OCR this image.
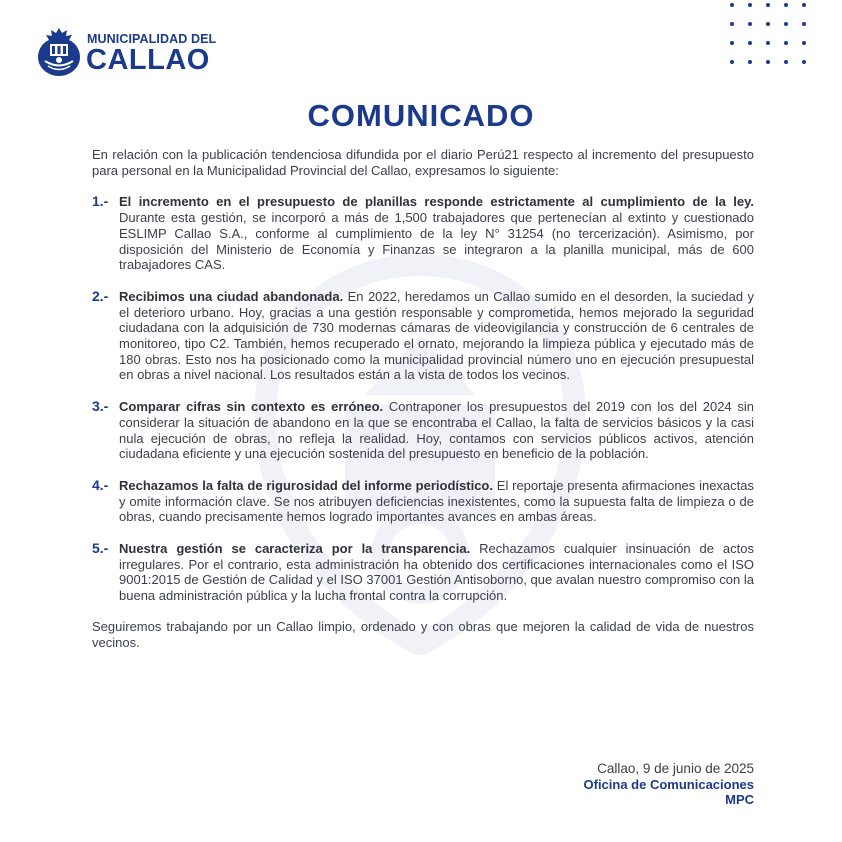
MUNICIPALIDAD DEL
CALLAO
COMUNICADO

En relación con la publicación tendenciosa difundida por el diario Perú21 respecto al incremento del presupuesto para personal en la Municipalidad Provincial del Callao, expresamos lo siguiente:

1.- El incremento en el presupuesto de planillas responde estrictamente al cumplimiento de la ley. Durante esta gestión, se incorporó a más de 1,500 trabajadores que pertenecían al extinto y cuestionado ESLIMP Callao S.A., conforme al cumplimiento de la ley N° 31254 (no tercerización). Asimismo, por disposición del Ministerio de Economía y Finanzas se integraron a la planilla municipal, más de 600 trabajadores CAS.
2.- Recibimos una ciudad abandonada. En 2022, heredamos un Callao sumido en el desorden, la suciedad y el deterioro urbano. Hoy, gracias a una gestión responsable y comprometida, hemos mejorado la seguridad ciudadana con la adquisición de 730 modernas cámaras de videovigilancia y construcción de 6 centrales de monitoreo, tipo C2. También, hemos recuperado el ornato, mejorando la limpieza pública y ejecutado más de 180 obras. Esto nos ha posicionado como la municipalidad provincial número uno en ejecución presupuestal en obras a nivel nacional. Los resultados están a la vista de todos los vecinos.
3.- Comparar cifras sin contexto es erróneo. Contraponer los presupuestos del 2019 con los del 2024 sin considerar la situación de abandono en la que se encontraba el Callao, la falta de servicios básicos y la casi nula ejecución de obras, no refleja la realidad. Hoy, contamos con servicios públicos activos, atención ciudadana eficiente y una ejecución sostenida del presupuesto en beneficio de la población.
4.- Rechazamos la falta de rigurosidad del informe periodístico. El reportaje presenta afirmaciones inexactas y omite información clave. Se nos atribuyen deficiencias inexistentes, como la supuesta falta de limpieza o de obras, cuando precisamente hemos logrado importantes avances en ambas áreas.
5.- Nuestra gestión se caracteriza por la transparencia. Rechazamos cualquier insinuación de actos irregulares. Por el contrario, esta administración ha obtenido dos certificaciones internacionales como el ISO 9001:2015 de Gestión de Calidad y el ISO 37001 Gestión Antisoborno, que avalan nuestro compromiso con la buena administración pública y la lucha frontal contra la corrupción.

Seguiremos trabajando por un Callao limpio, ordenado y con obras que mejoren la calidad de vida de nuestros vecinos.

Callao, 9 de junio de 2025
Oficina de Comunicaciones
MPC
